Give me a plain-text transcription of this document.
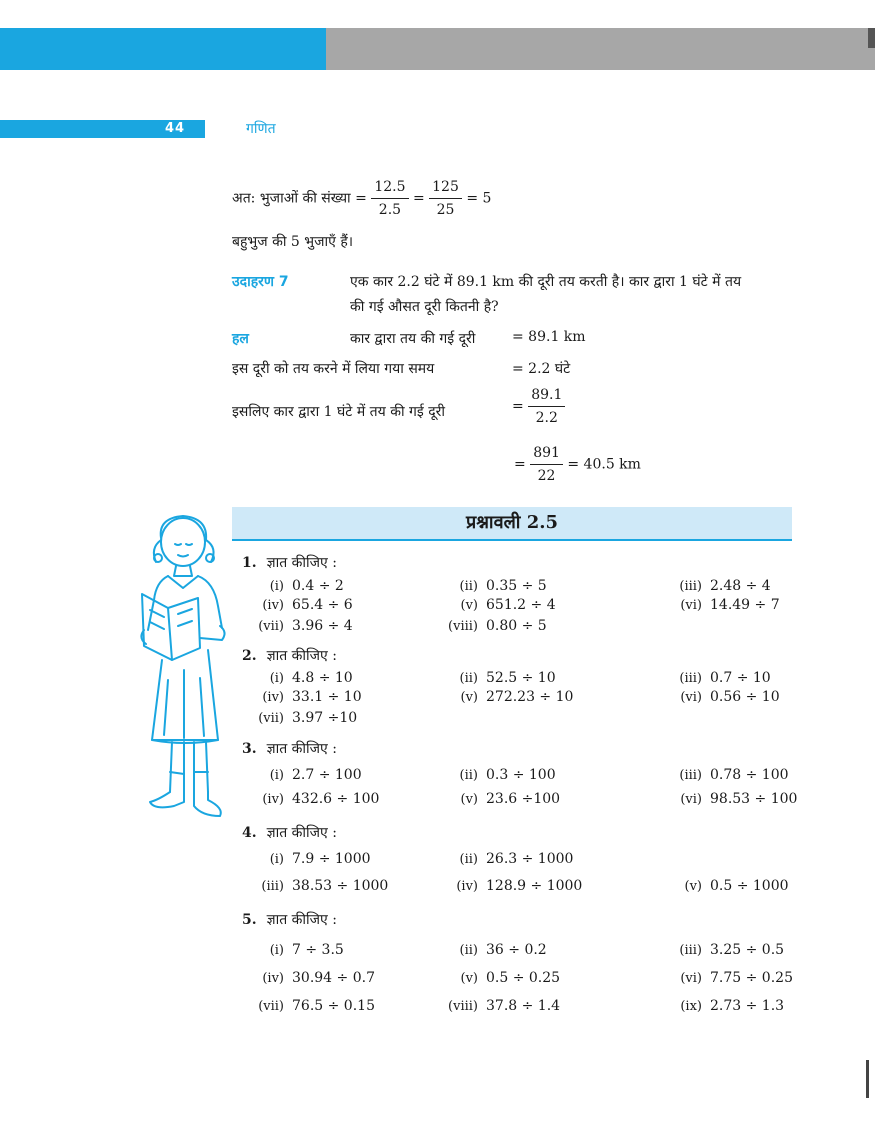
44	गणित
अत: भुजाओं की संख्या = $\frac{12.5}{2.5} = \frac{125}{25} = 5$
बहुभुज की 5 भुजाएँ हैं।
उदाहरण 7	एक कार 2.2 घंटे में 89.1 km की दूरी तय करती है। कार द्वारा 1 घंटे में तय
की गई औसत दूरी कितनी है?
हल	कार द्वारा तय की गई दूरी	= 89.1 km
इस दूरी को तय करने में लिया गया समय	= 2.2 घंटे
इसलिए कार द्वारा 1 घंटे में तय की गई दूरी	= $\frac{89.1}{2.2}$
= $\frac{891}{22} = 40.5$ km
प्रश्नावली 2.5
1. ज्ञात कीजिए :
(i) 0.4 ÷ 2	(ii) 0.35 ÷ 5	(iii) 2.48 ÷ 4
(iv) 65.4 ÷ 6	(v) 651.2 ÷ 4	(vi) 14.49 ÷ 7
(vii) 3.96 ÷ 4	(viii) 0.80 ÷ 5
2. ज्ञात कीजिए :
(i) 4.8 ÷ 10	(ii) 52.5 ÷ 10	(iii) 0.7 ÷ 10
(iv) 33.1 ÷ 10	(v) 272.23 ÷ 10	(vi) 0.56 ÷ 10
(vii) 3.97 ÷10
3. ज्ञात कीजिए :
(i) 2.7 ÷ 100	(ii) 0.3 ÷ 100	(iii) 0.78 ÷ 100
(iv) 432.6 ÷ 100	(v) 23.6 ÷100	(vi) 98.53 ÷ 100
4. ज्ञात कीजिए :
(i) 7.9 ÷ 1000	(ii) 26.3 ÷ 1000
(iii) 38.53 ÷ 1000	(iv) 128.9 ÷ 1000	(v) 0.5 ÷ 1000
5. ज्ञात कीजिए :
(i) 7 ÷ 3.5	(ii) 36 ÷ 0.2	(iii) 3.25 ÷ 0.5
(iv) 30.94 ÷ 0.7	(v) 0.5 ÷ 0.25	(vi) 7.75 ÷ 0.25
(vii) 76.5 ÷ 0.15	(viii) 37.8 ÷ 1.4	(ix) 2.73 ÷ 1.3
